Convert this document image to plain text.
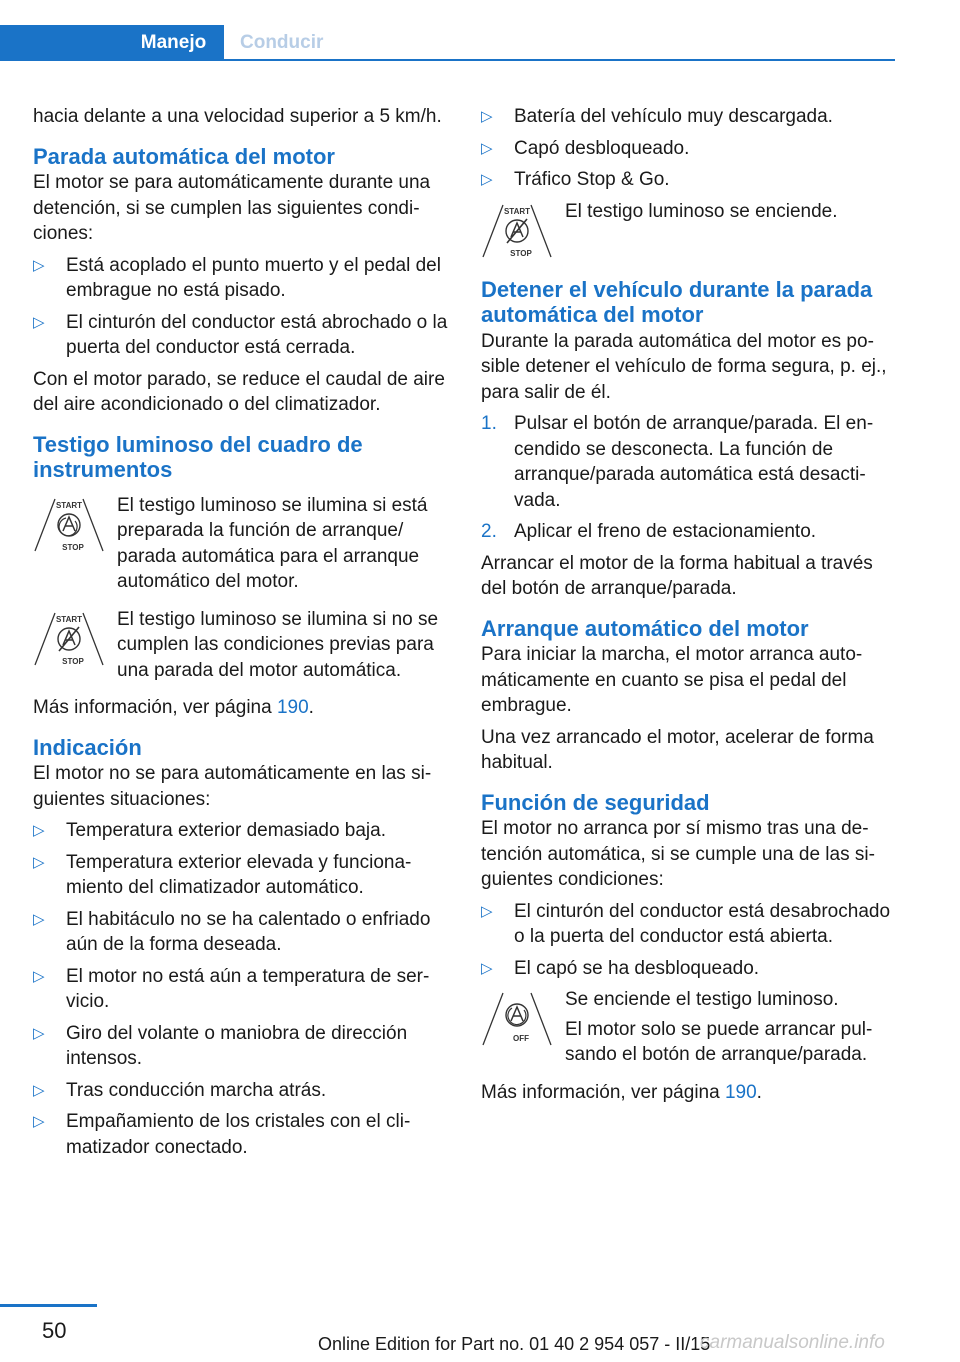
Manejo	Conducir

hacia delante a una velocidad superior a 5 km/h.

Parada automática del motor

El motor se para automáticamente durante una detención, si se cumplen las siguientes condiciones:

▷ Está acoplado el punto muerto y el pedal del embrague no está pisado.
▷ El cinturón del conductor está abrochado o la puerta del conductor está cerrada.

Con el motor parado, se reduce el caudal de aire del aire acondicionado o del climatizador.

Testigo luminoso del cuadro de instrumentos
START
STOP

El testigo luminoso se ilumina si está preparada la función de arranque/ parada automática para el arranque automático del motor.

START
STOP

El testigo luminoso se ilumina si no se cumplen las condiciones previas para una parada del motor automática.

Más información, ver página 190.

Indicación

El motor no se para automáticamente en las siguientes situaciones:

▷ Temperatura exterior demasiado baja.
▷ Temperatura exterior elevada y funcionamiento del climatizador automático.
▷ El habitáculo no se ha calentado o enfriado aún de la forma deseada.
▷ El motor no está aún a temperatura de servicio.
▷ Giro del volante o maniobra de dirección intensos.
▷ Tras conducción marcha atrás.
▷ Empañamiento de los cristales con el climatizador conectado.
▷ Batería del vehículo muy descargada.
▷ Capó desbloqueado.
▷ Tráfico Stop & Go.
START
STOP

El testigo luminoso se enciende.

Detener el vehículo durante la parada automática del motor

Durante la parada automática del motor es posible detener el vehículo de forma segura, p. ej., para salir de él.

1. Pulsar el botón de arranque/parada. El encendido se desconecta. La función de arranque/parada automática está desactivada.
2. Aplicar el freno de estacionamiento.

Arrancar el motor de la forma habitual a través del botón de arranque/parada.

Arranque automático del motor

Para iniciar la marcha, el motor arranca automáticamente en cuanto se pisa el pedal del embrague.

Una vez arrancado el motor, acelerar de forma habitual.

Función de seguridad

El motor no arranca por sí mismo tras una detención automática, si se cumple una de las siguientes condiciones:

▷ El cinturón del conductor está desabrochado o la puerta del conductor está abierta.
▷ El capó se ha desbloqueado.
OFF

Se enciende el testigo luminoso.

El motor solo se puede arrancar pulsando el botón de arranque/parada.

Más información, ver página 190.

50
Online Edition for Part no. 01 40 2 954 057 - II/15
carmanualsonline.info
